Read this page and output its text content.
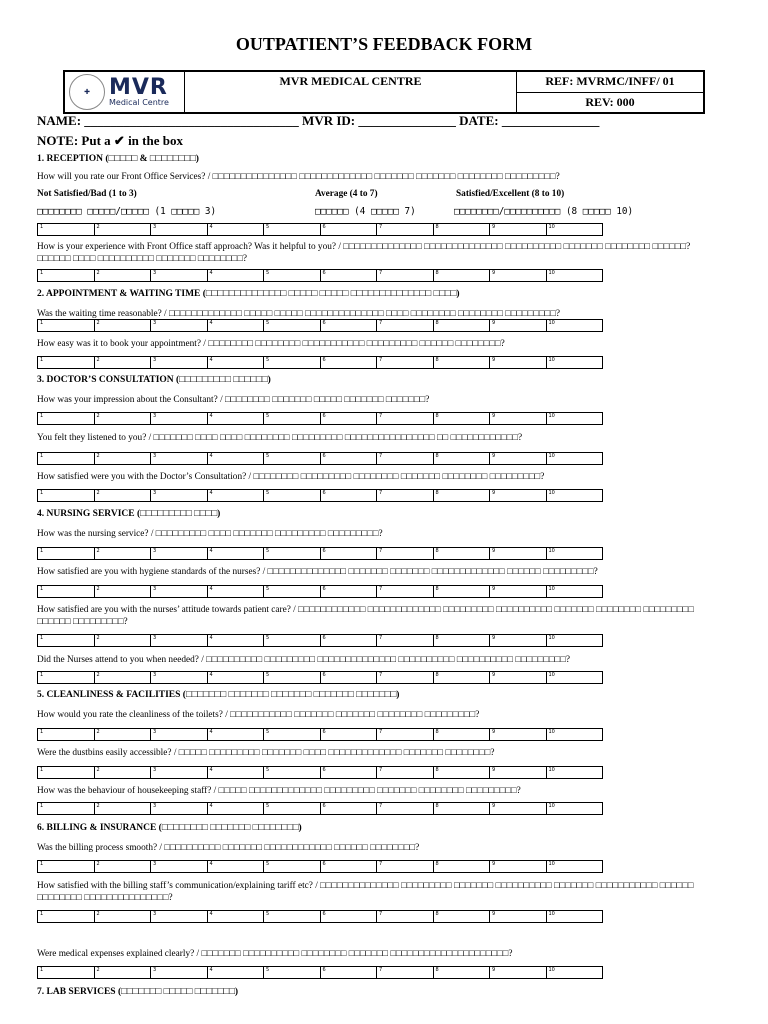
OUTPATIENT’S FEEDBACK FORM
✚ MVR
Medical Centre
MVR MEDICAL CENTRE	REF: MVRMC/INFF/ 01
REV: 000
NAME: _________________________________ MVR ID: _______________ DATE: _______________
NOTE: Put a ✔ in the box
1. RECEPTION (□□□□□ & □□□□□□□□)
How will you rate our Front Office Services? / □□□□□□□□□□□□□□□ □□□□□□□□□□□□□ □□□□□□□ □□□□□□□ □□□□□□□□ □□□□□□□□□?
Not Satisfied/Bad (1 to 3)	Average (4 to 7)	Satisfied/Excellent (8 to 10)
□□□□□□□□ □□□□□/□□□□□ (1 □□□□□ 3)	□□□□□□ (4 □□□□□ 7)	□□□□□□□□/□□□□□□□□□□ (8 □□□□□ 10)
1	2	3	4	5	6	7	8	9	10
How is your experience with Front Office staff approach? Was it helpful to you? / □□□□□□□□□□□□□□ □□□□□□□□□□□□□□ □□□□□□□□□□ □□□□□□□ □□□□□□□□ □□□□□□? □□□□□□ □□□□ □□□□□□□□□□ □□□□□□□ □□□□□□□□?
1	2	3	4	5	6	7	8	9	10
2. APPOINTMENT & WAITING TIME (□□□□□□□□□□□□□□ □□□□□ □□□□□ □□□□□□□□□□□□□□ □□□□)
Was the waiting time reasonable? / □□□□□□□□□□□□□ □□□□□ □□□□□ □□□□□□□□□□□□□□ □□□□ □□□□□□□□ □□□□□□□□ □□□□□□□□□?
1	2	3	4	5	6	7	8	9	10
How easy was it to book your appointment? / □□□□□□□□ □□□□□□□□ □□□□□□□□□□□ □□□□□□□□□ □□□□□□ □□□□□□□□?
1	2	3	4	5	6	7	8	9	10
3. DOCTOR’S CONSULTATION (□□□□□□□□□ □□□□□□)
How was your impression about the Consultant? / □□□□□□□□ □□□□□□□ □□□□□ □□□□□□□ □□□□□□□?
1	2	3	4	5	6	7	8	9	10
You felt they listened to you? / □□□□□□□ □□□□ □□□□ □□□□□□□□ □□□□□□□□□ □□□□□□□□□□□□□□□□ □□ □□□□□□□□□□□□?
1	2	3	4	5	6	7	8	9	10
How satisfied were you with the Doctor’s Consultation? / □□□□□□□□ □□□□□□□□□ □□□□□□□□ □□□□□□□ □□□□□□□□ □□□□□□□□□?
1	2	3	4	5	6	7	8	9	10
4. NURSING SERVICE (□□□□□□□□□ □□□□)
How was the nursing service? / □□□□□□□□□ □□□□ □□□□□□□ □□□□□□□□□ □□□□□□□□□?
1	2	3	4	5	6	7	8	9	10
How satisfied are you with hygiene standards of the nurses? / □□□□□□□□□□□□□□ □□□□□□□ □□□□□□□ □□□□□□□□□□□□□ □□□□□□ □□□□□□□□□?
1	2	3	4	5	6	7	8	9	10
How satisfied are you with the nurses’ attitude towards patient care? / □□□□□□□□□□□□ □□□□□□□□□□□□□ □□□□□□□□□ □□□□□□□□□□ □□□□□□□ □□□□□□□□ □□□□□□□□□ □□□□□□ □□□□□□□□□?
1	2	3	4	5	6	7	8	9	10
Did the Nurses attend to you when needed? / □□□□□□□□□□ □□□□□□□□□ □□□□□□□□□□□□□□ □□□□□□□□□□ □□□□□□□□□□ □□□□□□□□□?
1	2	3	4	5	6	7	8	9	10
5. CLEANLINESS & FACILITIES (□□□□□□□ □□□□□□□ □□□□□□□ □□□□□□□ □□□□□□□)
How would you rate the cleanliness of the toilets? / □□□□□□□□□□□ □□□□□□□ □□□□□□□ □□□□□□□□ □□□□□□□□□?
1	2	3	4	5	6	7	8	9	10
Were the dustbins easily accessible? / □□□□□ □□□□□□□□□ □□□□□□□ □□□□ □□□□□□□□□□□□□ □□□□□□□ □□□□□□□□?
1	2	3	4	5	6	7	8	9	10
How was the behaviour of housekeeping staff? / □□□□□ □□□□□□□□□□□□□ □□□□□□□□□ □□□□□□□ □□□□□□□□ □□□□□□□□□?
1	2	3	4	5	6	7	8	9	10
6. BILLING & INSURANCE (□□□□□□□□ □□□□□□□ □□□□□□□□)
Was the billing process smooth? / □□□□□□□□□□ □□□□□□□ □□□□□□□□□□□□ □□□□□□ □□□□□□□□?
1	2	3	4	5	6	7	8	9	10
How satisfied with the billing staff’s communication/explaining tariff etc? / □□□□□□□□□□□□□□ □□□□□□□□□ □□□□□□□ □□□□□□□□□□ □□□□□□□ □□□□□□□□□□□ □□□□□□ □□□□□□□□ □□□□□□□□□□□□□□□?
1	2	3	4	5	6	7	8	9	10
Were medical expenses explained clearly? / □□□□□□□ □□□□□□□□□□ □□□□□□□□ □□□□□□□ □□□□□□□□□□□□□□□□□□□□□?
1	2	3	4	5	6	7	8	9	10
7. LAB SERVICES (□□□□□□□ □□□□□ □□□□□□□)
